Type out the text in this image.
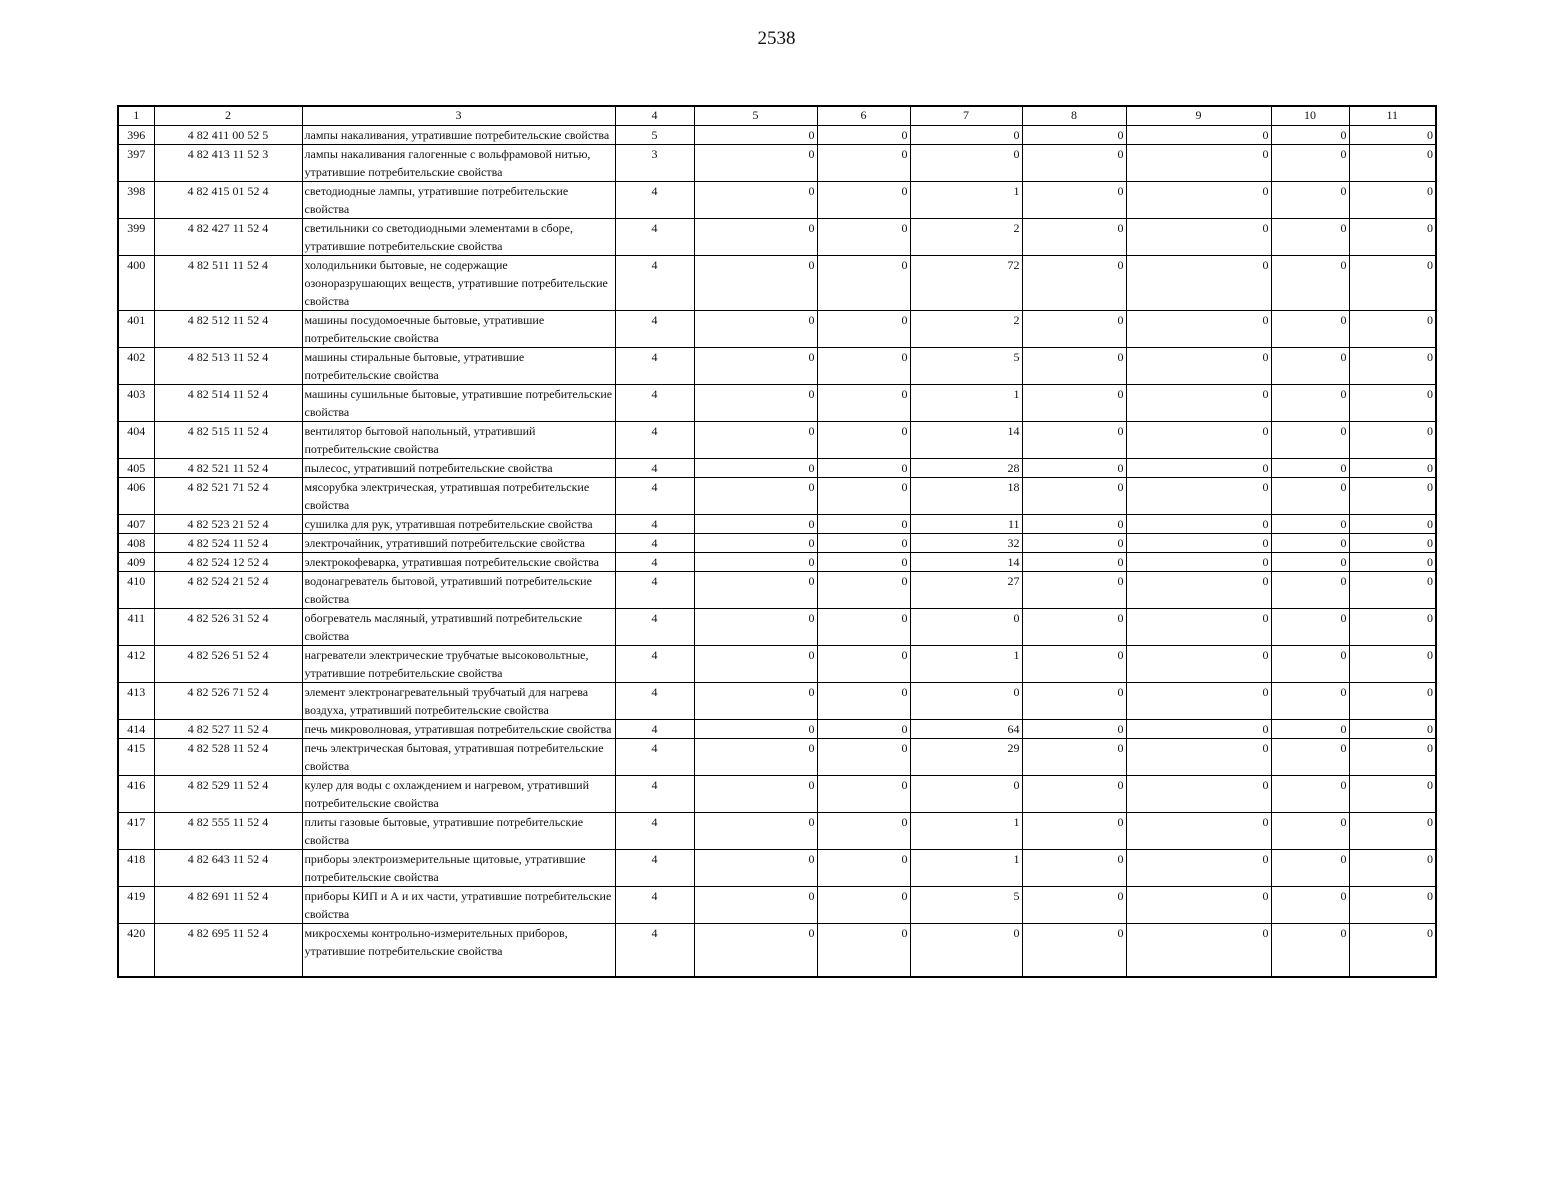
2538
1	2	3	4	5	6	7	8	9	10	11
396	4 82 411 00 52 5	лампы накаливания, утратившие потребительские свойства	5	0	0	0	0	0	0	0
397	4 82 413 11 52 3	лампы накаливания галогенные с вольфрамовой нитью, утратившие потребительские свойства	3	0	0	0	0	0	0	0
398	4 82 415 01 52 4	светодиодные лампы, утратившие потребительские свойства	4	0	0	1	0	0	0	0
399	4 82 427 11 52 4	светильники со светодиодными элементами в сборе, утратившие потребительские свойства	4	0	0	2	0	0	0	0
400	4 82 511 11 52 4	холодильники бытовые, не содержащие озоноразрушающих веществ, утратившие потребительские свойства	4	0	0	72	0	0	0	0
401	4 82 512 11 52 4	машины посудомоечные бытовые, утратившие потребительские свойства	4	0	0	2	0	0	0	0
402	4 82 513 11 52 4	машины стиральные бытовые, утратившие потребительские свойства	4	0	0	5	0	0	0	0
403	4 82 514 11 52 4	машины сушильные бытовые, утратившие потребительские свойства	4	0	0	1	0	0	0	0
404	4 82 515 11 52 4	вентилятор бытовой напольный, утративший потребительские свойства	4	0	0	14	0	0	0	0
405	4 82 521 11 52 4	пылесос, утративший потребительские свойства	4	0	0	28	0	0	0	0
406	4 82 521 71 52 4	мясорубка электрическая, утратившая потребительские свойства	4	0	0	18	0	0	0	0
407	4 82 523 21 52 4	сушилка для рук, утратившая потребительские свойства	4	0	0	11	0	0	0	0
408	4 82 524 11 52 4	электрочайник, утративший потребительские свойства	4	0	0	32	0	0	0	0
409	4 82 524 12 52 4	электрокофеварка, утратившая потребительские свойства	4	0	0	14	0	0	0	0
410	4 82 524 21 52 4	водонагреватель бытовой, утративший потребительские свойства	4	0	0	27	0	0	0	0
411	4 82 526 31 52 4	обогреватель масляный, утративший потребительские свойства	4	0	0	0	0	0	0	0
412	4 82 526 51 52 4	нагреватели электрические трубчатые высоковольтные, утратившие потребительские свойства	4	0	0	1	0	0	0	0
413	4 82 526 71 52 4	элемент электронагревательный трубчатый для нагрева воздуха, утративший потребительские свойства	4	0	0	0	0	0	0	0
414	4 82 527 11 52 4	печь микроволновая, утратившая потребительские свойства	4	0	0	64	0	0	0	0
415	4 82 528 11 52 4	печь электрическая бытовая, утратившая потребительские свойства	4	0	0	29	0	0	0	0
416	4 82 529 11 52 4	кулер для воды с охлаждением и нагревом, утративший потребительские свойства	4	0	0	0	0	0	0	0
417	4 82 555 11 52 4	плиты газовые бытовые, утратившие потребительские свойства	4	0	0	1	0	0	0	0
418	4 82 643 11 52 4	приборы электроизмерительные щитовые, утратившие потребительские свойства	4	0	0	1	0	0	0	0
419	4 82 691 11 52 4	приборы КИП и А и их части, утратившие потребительские свойства	4	0	0	5	0	0	0	0
420	4 82 695 11 52 4	микросхемы контрольно-измерительных приборов, утратившие потребительские свойства	4	0	0	0	0	0	0	0
